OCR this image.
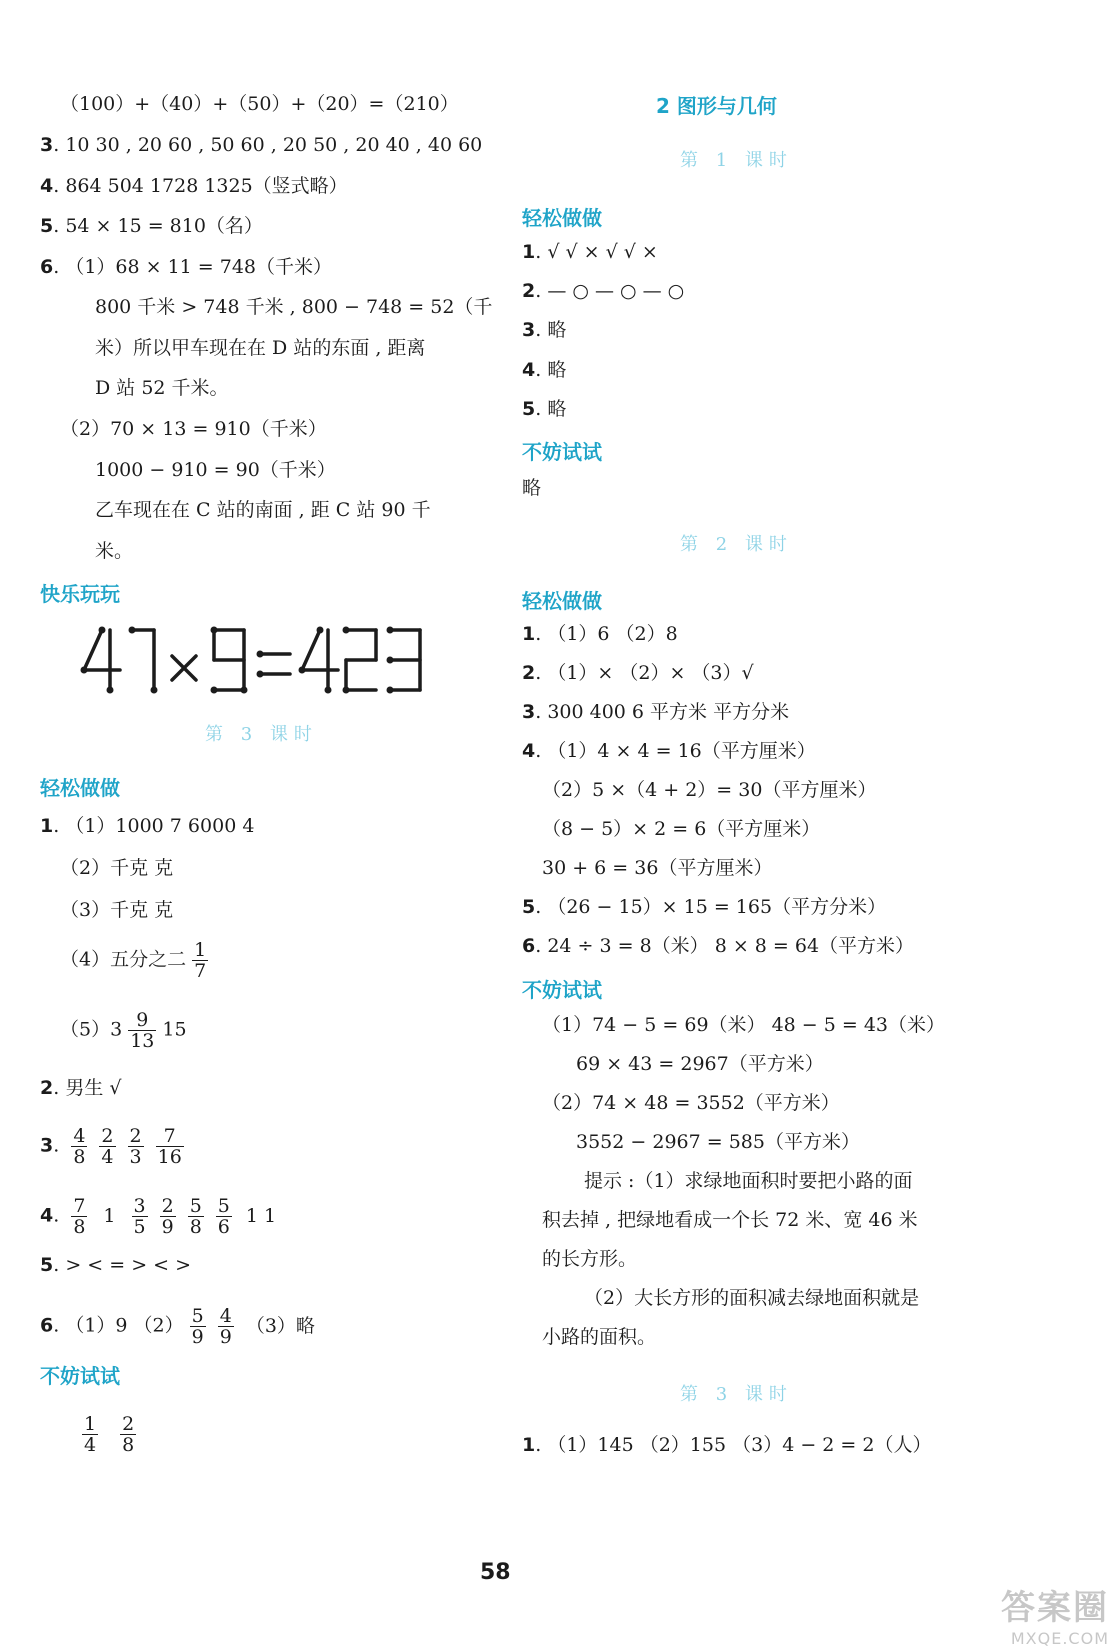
（100）+（40）+（50）+（20）=（210）
3. 10 30 , 20 60 , 50 60 , 20 50 , 20 40 , 40 60
4. 864 504 1728 1325（竖式略）
5. 54 × 15 = 810（名）
6. （1）68 × 11 = 748（千米）
800 千米 > 748 千米 , 800 − 748 = 52（千
米）所以甲车现在在 D 站的东面 , 距离
D 站 52 千米。
（2）70 × 13 = 910（千米）
1000 − 910 = 90（千米）
乙车现在在 C 站的南面 , 距 C 站 90 千
米。
快乐玩玩
47×9=423
第 3 课时
轻松做做
1. （1）1000 7 6000 4
（2）千克 克
（3）千克 克
（4）五分之二 $\frac{1}{7}$
$(5)3 \frac{9}{13} 15$
2. 男生 √
3. $\frac{4}{8} \frac{2}{4} \frac{2}{3} \frac{7}{16}$
4. $\frac{7}{8} 1 \frac{3}{5} \frac{2}{9} \frac{5}{8} \frac{5}{6} 1$ 1
5. > < = > < >
6. （1）9 $(2) \frac{5}{9} \frac{4}{9} (3)$略
不妨试试
$\frac{1}{4} \frac{2}{8}$
2 图形与几何
第 1 课时
轻松做做
1. √ √ × √ √ ×
2. — ○ — ○ — ○
3. 略
4. 略
5. 略
不妨试试
略
第 2 课时
轻松做做
1. （1）6 （2）8
2. （1）× （2）× （3）√
3. 300 400 6 平方米 平方分米
4. （1）4 × 4 = 16（平方厘米）
（2）5 ×（4 + 2）= 30（平方厘米）
（8 − 5）× 2 = 6（平方厘米）
30 + 6 = 36（平方厘米）
5. （26 − 15）× 15 = 165（平方分米）
6. 24 ÷ 3 = 8（米） 8 × 8 = 64（平方米）
不妨试试
（1）74 − 5 = 69（米） 48 − 5 = 43（米）
69 × 43 = 2967（平方米）
（2）74 × 48 = 3552（平方米）
3552 − 2967 = 585（平方米）
提示 :（1）求绿地面积时要把小路的面
积去掉 , 把绿地看成一个长 72 米、宽 46 米
的长方形。
（2）大长方形的面积减去绿地面积就是
小路的面积。
第 3 课时
1. （1）145 （2）155 （3）4 − 2 = 2（人）
58
答案圈
MXQE.COM
